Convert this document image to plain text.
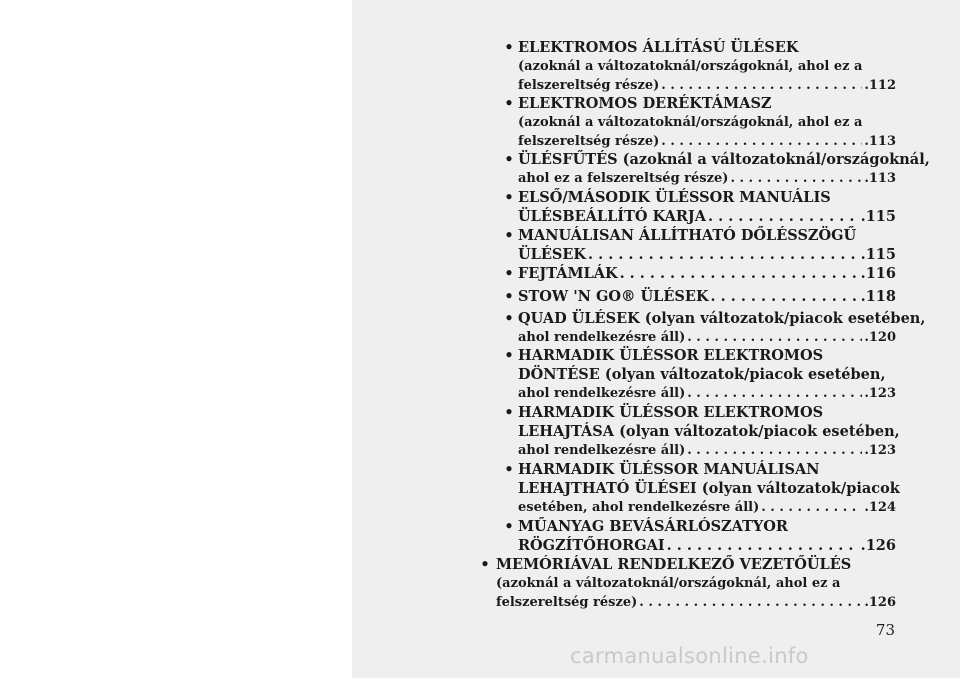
• ELEKTROMOS ÁLLÍTÁSÚ ÜLÉSEK
(azoknál a változatoknál/országoknál, ahol ez a
felszereltség része) . . .	.112
• ELEKTROMOS DERÉKTÁMASZ
(azoknál a változatoknál/országoknál, ahol ez a
felszereltség része) . . .	.113
• ÜLÉSFŰTÉS (azoknál a változatoknál/országoknál,
ahol ez a felszereltség része) . . .	.113
• ELSŐ/MÁSODIK ÜLÉSSOR MANUÁLIS
ÜLÉSBEÁLLÍTÓ KARJA . . .	.115
• MANUÁLISAN ÁLLÍTHATÓ DŐLÉSSZÖGŰ
ÜLÉSEK . . .	.115
• FEJTÁMLÁK . . .	.116
• STOW 'N GO® ÜLÉSEK . . .	.118
• QUAD ÜLÉSEK (olyan változatok/piacok esetében,
ahol rendelkezésre áll) . . .	.120
• HARMADIK ÜLÉSSOR ELEKTROMOS
DÖNTÉSE (olyan változatok/piacok esetében,
ahol rendelkezésre áll) . . .	.123
• HARMADIK ÜLÉSSOR ELEKTROMOS
LEHAJTÁSA (olyan változatok/piacok esetében,
ahol rendelkezésre áll) . . .	.123
• HARMADIK ÜLÉSSOR MANUÁLISAN
LEHAJTHATÓ ÜLÉSEI (olyan változatok/piacok
esetében, ahol rendelkezésre áll) . . .	.124
• MŰANYAG BEVÁSÁRLÓSZATYOR
RÖGZÍTŐHORGAI . . .	.126
• MEMÓRIÁVAL RENDELKEZŐ VEZETŐÜLÉS
(azoknál a változatoknál/országoknál, ahol ez a
felszereltség része) . . .	.126
73
carmanualsonline.info
